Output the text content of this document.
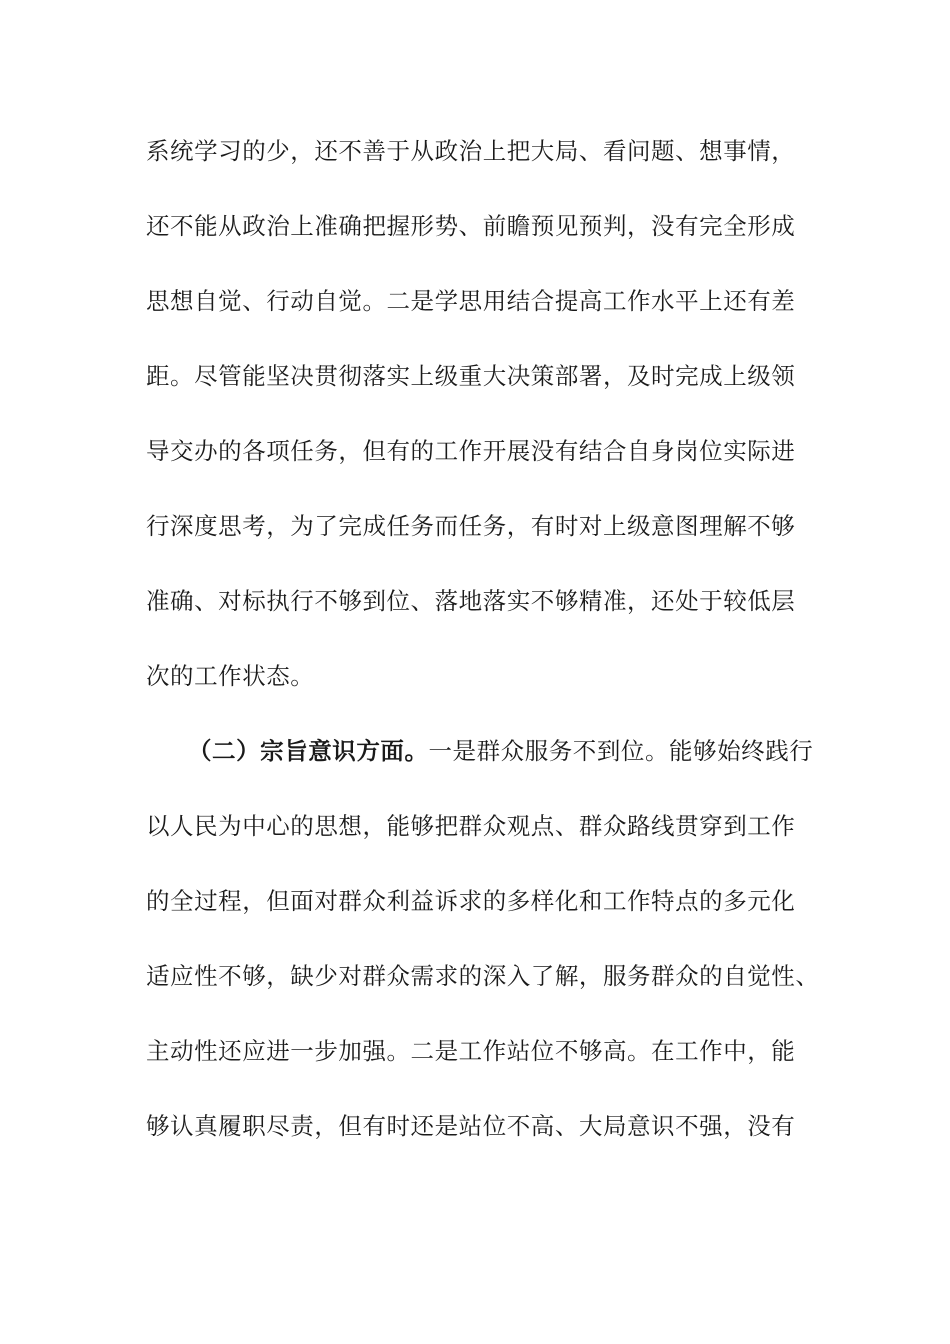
系统学习的少，还不善于从政治上把大局、看问题、想事情，
还不能从政治上准确把握形势、前瞻预见预判，没有完全形成
思想自觉、行动自觉。二是学思用结合提高工作水平上还有差
距。尽管能坚决贯彻落实上级重大决策部署，及时完成上级领
导交办的各项任务，但有的工作开展没有结合自身岗位实际进
行深度思考，为了完成任务而任务，有时对上级意图理解不够
准确、对标执行不够到位、落地落实不够精准，还处于较低层
次的工作状态。
（二）宗旨意识方面。一是群众服务不到位。能够始终践行
以人民为中心的思想，能够把群众观点、群众路线贯穿到工作
的全过程，但面对群众利益诉求的多样化和工作特点的多元化
适应性不够，缺少对群众需求的深入了解，服务群众的自觉性、
主动性还应进一步加强。二是工作站位不够高。在工作中，能
够认真履职尽责，但有时还是站位不高、大局意识不强，没有
